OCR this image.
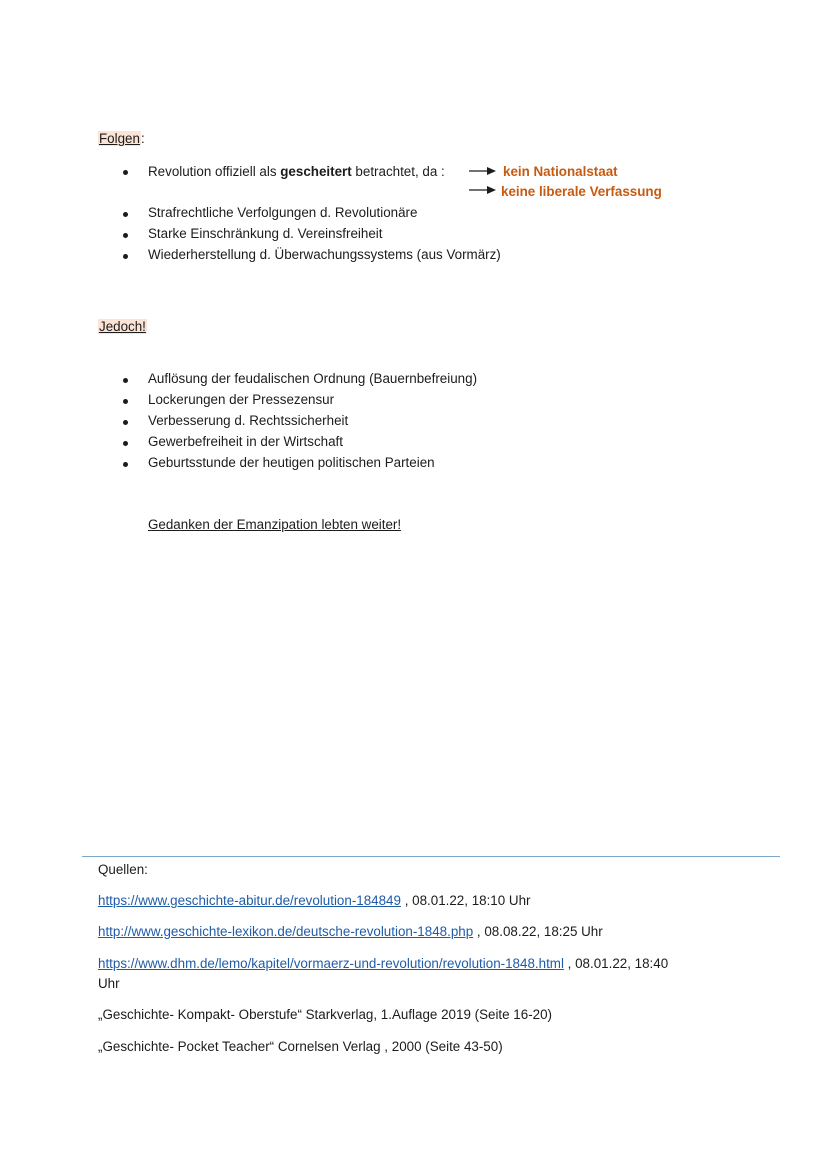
Folgen:
Revolution offiziell als gescheitert betrachtet, da :	kein Nationalstaat
keine liberale Verfassung
Strafrechtliche Verfolgungen d. Revolutionäre
Starke Einschränkung d. Vereinsfreiheit
Wiederherstellung d. Überwachungssystems (aus Vormärz)
Jedoch!
Auflösung der feudalischen Ordnung (Bauernbefreiung)
Lockerungen der Pressezensur
Verbesserung d. Rechtssicherheit
Gewerbefreiheit in der Wirtschaft
Geburtsstunde der heutigen politischen Parteien
Gedanken der Emanzipation lebten weiter!
Quellen:
https://www.geschichte-abitur.de/revolution-184849 , 08.01.22, 18:10 Uhr
http://www.geschichte-lexikon.de/deutsche-revolution-1848.php , 08.08.22, 18:25 Uhr
https://www.dhm.de/lemo/kapitel/vormaerz-und-revolution/revolution-1848.html , 08.01.22, 18:40
Uhr
„Geschichte- Kompakt- Oberstufe“ Starkverlag, 1.Auflage 2019 (Seite 16-20)
„Geschichte- Pocket Teacher“ Cornelsen Verlag , 2000 (Seite 43-50)
